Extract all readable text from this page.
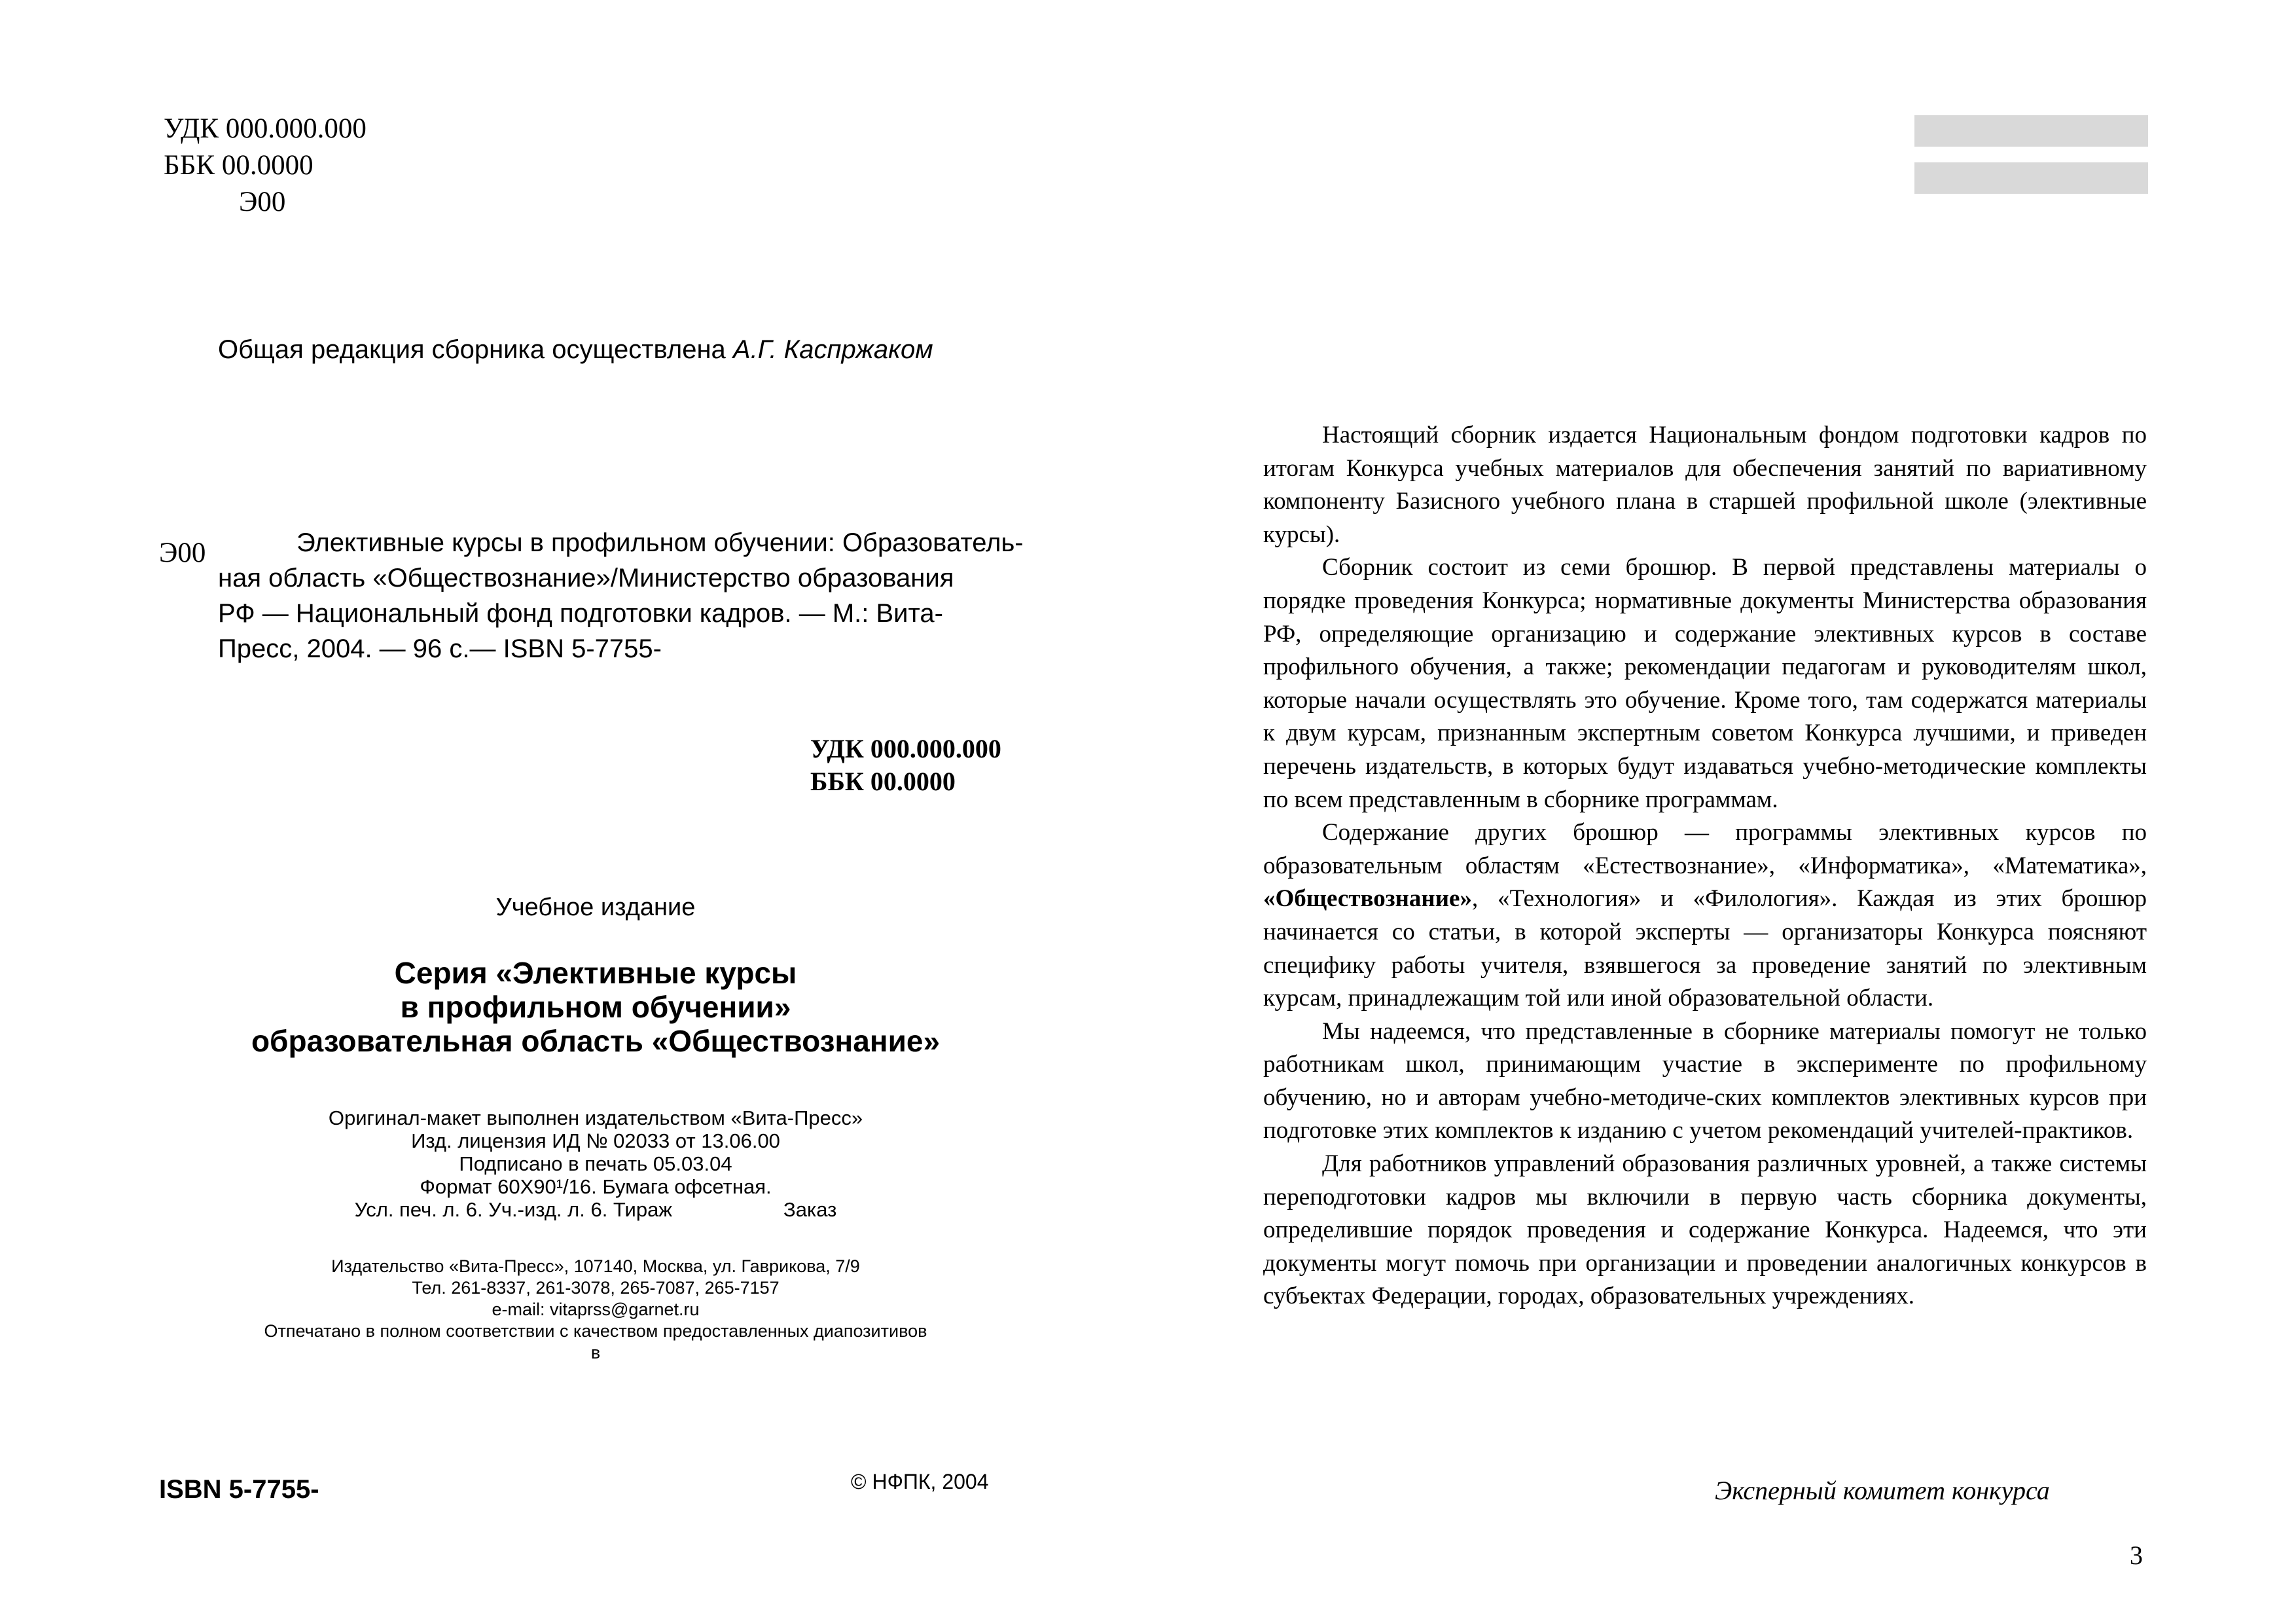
УДК 000.000.000
ББК 00.0000
Э00
Общая редакция сборника осуществлена А.Г. Каспржаком
Э00	Элективные курсы в профильном обучении: Образователь-
ная область «Обществознание»/Министерство образования
РФ — Национальный фонд подготовки кадров. — М.: Вита-
Пресс, 2004. — 96 с.— ISBN 5-7755-
УДК 000.000.000
ББК 00.0000
Учебное издание
Серия «Элективные курсы
в профильном обучении»
образовательная область «Обществознание»
Оригинал-макет выполнен издательством «Вита-Пресс»
Изд. лицензия ИД № 02033 от 13.06.00
Подписано в печать 05.03.04
Формат 60Х90¹/16. Бумага офсетная.
Усл. печ. л. 6. Уч.-изд. л. 6. Тираж	Заказ
Издательство «Вита-Пресс», 107140, Москва, ул. Гаврикова, 7/9
Тел. 261-8337, 261-3078, 265-7087, 265-7157
e-mail: vitaprss@garnet.ru
Отпечатано в полном соответствии с качеством предоставленных диапозитивов
в
ISBN 5-7755-	© НФПК, 2004

Настоящий сборник издается Национальным фондом подготовки кадров по итогам Конкурса учебных материалов для обеспечения занятий по вариативному компоненту Базисного учебного плана в старшей профильной школе (элективные курсы).

Сборник состоит из семи брошюр. В первой представлены материалы о порядке проведения Конкурса; нормативные документы Министерства образования РФ, определяющие организацию и содержание элективных курсов в составе профильного обучения, а также; рекомендации педагогам и руководителям школ, которые начали осуществлять это обучение. Кроме того, там содержатся материалы к двум курсам, признанным экспертным советом Конкурса лучшими, и приведен перечень издательств, в которых будут издаваться учебно-методические комплекты по всем представленным в сборнике программам.

Содержание других брошюр — программы элективных курсов по образовательным областям «Естествознание», «Информатика», «Математика», «Обществознание», «Технология» и «Филология». Каждая из этих брошюр начинается со статьи, в которой эксперты — организаторы Конкурса поясняют специфику работы учителя, взявшегося за проведение занятий по элективным курсам, принадлежащим той или иной образовательной области.

Мы надеемся, что представленные в сборнике материалы помогут не только работникам школ, принимающим участие в эксперименте по профильному обучению, но и авторам учебно-методиче-ских комплектов элективных курсов при подготовке этих комплектов к изданию с учетом рекомендаций учителей-практиков.

Для работников управлений образования различных уровней, а также системы переподготовки кадров мы включили в первую часть сборника документы, определившие порядок проведения и содержание Конкурса. Надеемся, что эти документы могут помочь при организации и проведении аналогичных конкурсов в субъектах Федерации, городах, образовательных учреждениях.

Эксперный комитет конкурса
3
